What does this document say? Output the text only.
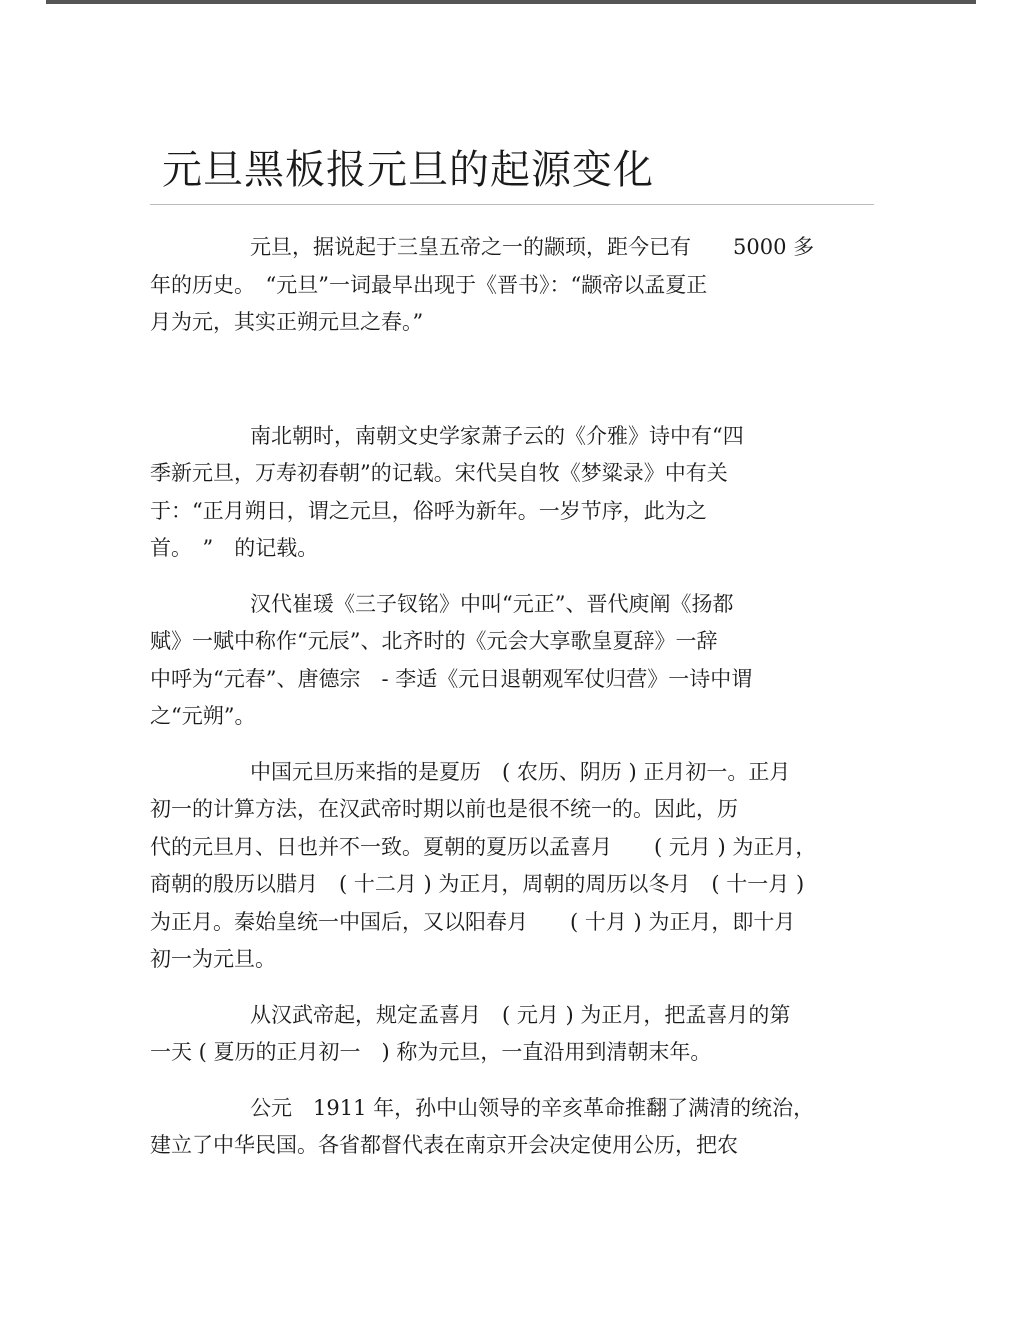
元旦黑板报元旦的起源变化

元旦，据说起于三皇五帝之一的颛顼，距今已有　　5000 多
年的历史。　“元旦”一词最早出现于《晋书》：“颛帝以孟夏正
月为元，其实正朔元旦之春。”

南北朝时，南朝文史学家萧子云的《介雅》诗中有“四
季新元旦，万寿初春朝”的记载。宋代吴自牧《梦粱录》中有关
于：“正月朔日，谓之元旦，俗呼为新年。一岁节序，此为之
首。　”　的记载。

汉代崔瑗《三子钗铭》中叫“元正”、晋代庾阐《扬都
赋》一赋中称作“元辰”、北齐时的《元会大享歌皇夏辞》一辞
中呼为“元春”、唐德宗　- 李适《元日退朝观军仗归营》一诗中谓
之“元朔”。

中国元旦历来指的是夏历　( 农历、阴历 ) 正月初一。正月
初一的计算方法，在汉武帝时期以前也是很不统一的。因此，历
代的元旦月、日也并不一致。夏朝的夏历以孟喜月　　( 元月 ) 为正月，
商朝的殷历以腊月　( 十二月 ) 为正月，周朝的周历以冬月　( 十一月 )
为正月。秦始皇统一中国后，又以阳春月　　( 十月 ) 为正月，即十月
初一为元旦。

从汉武帝起，规定孟喜月　( 元月 ) 为正月，把孟喜月的第
一天 ( 夏历的正月初一　) 称为元旦，一直沿用到清朝末年。

公元　1911 年，孙中山领导的辛亥革命推翻了满清的统治，
建立了中华民国。各省都督代表在南京开会决定使用公历，把农
